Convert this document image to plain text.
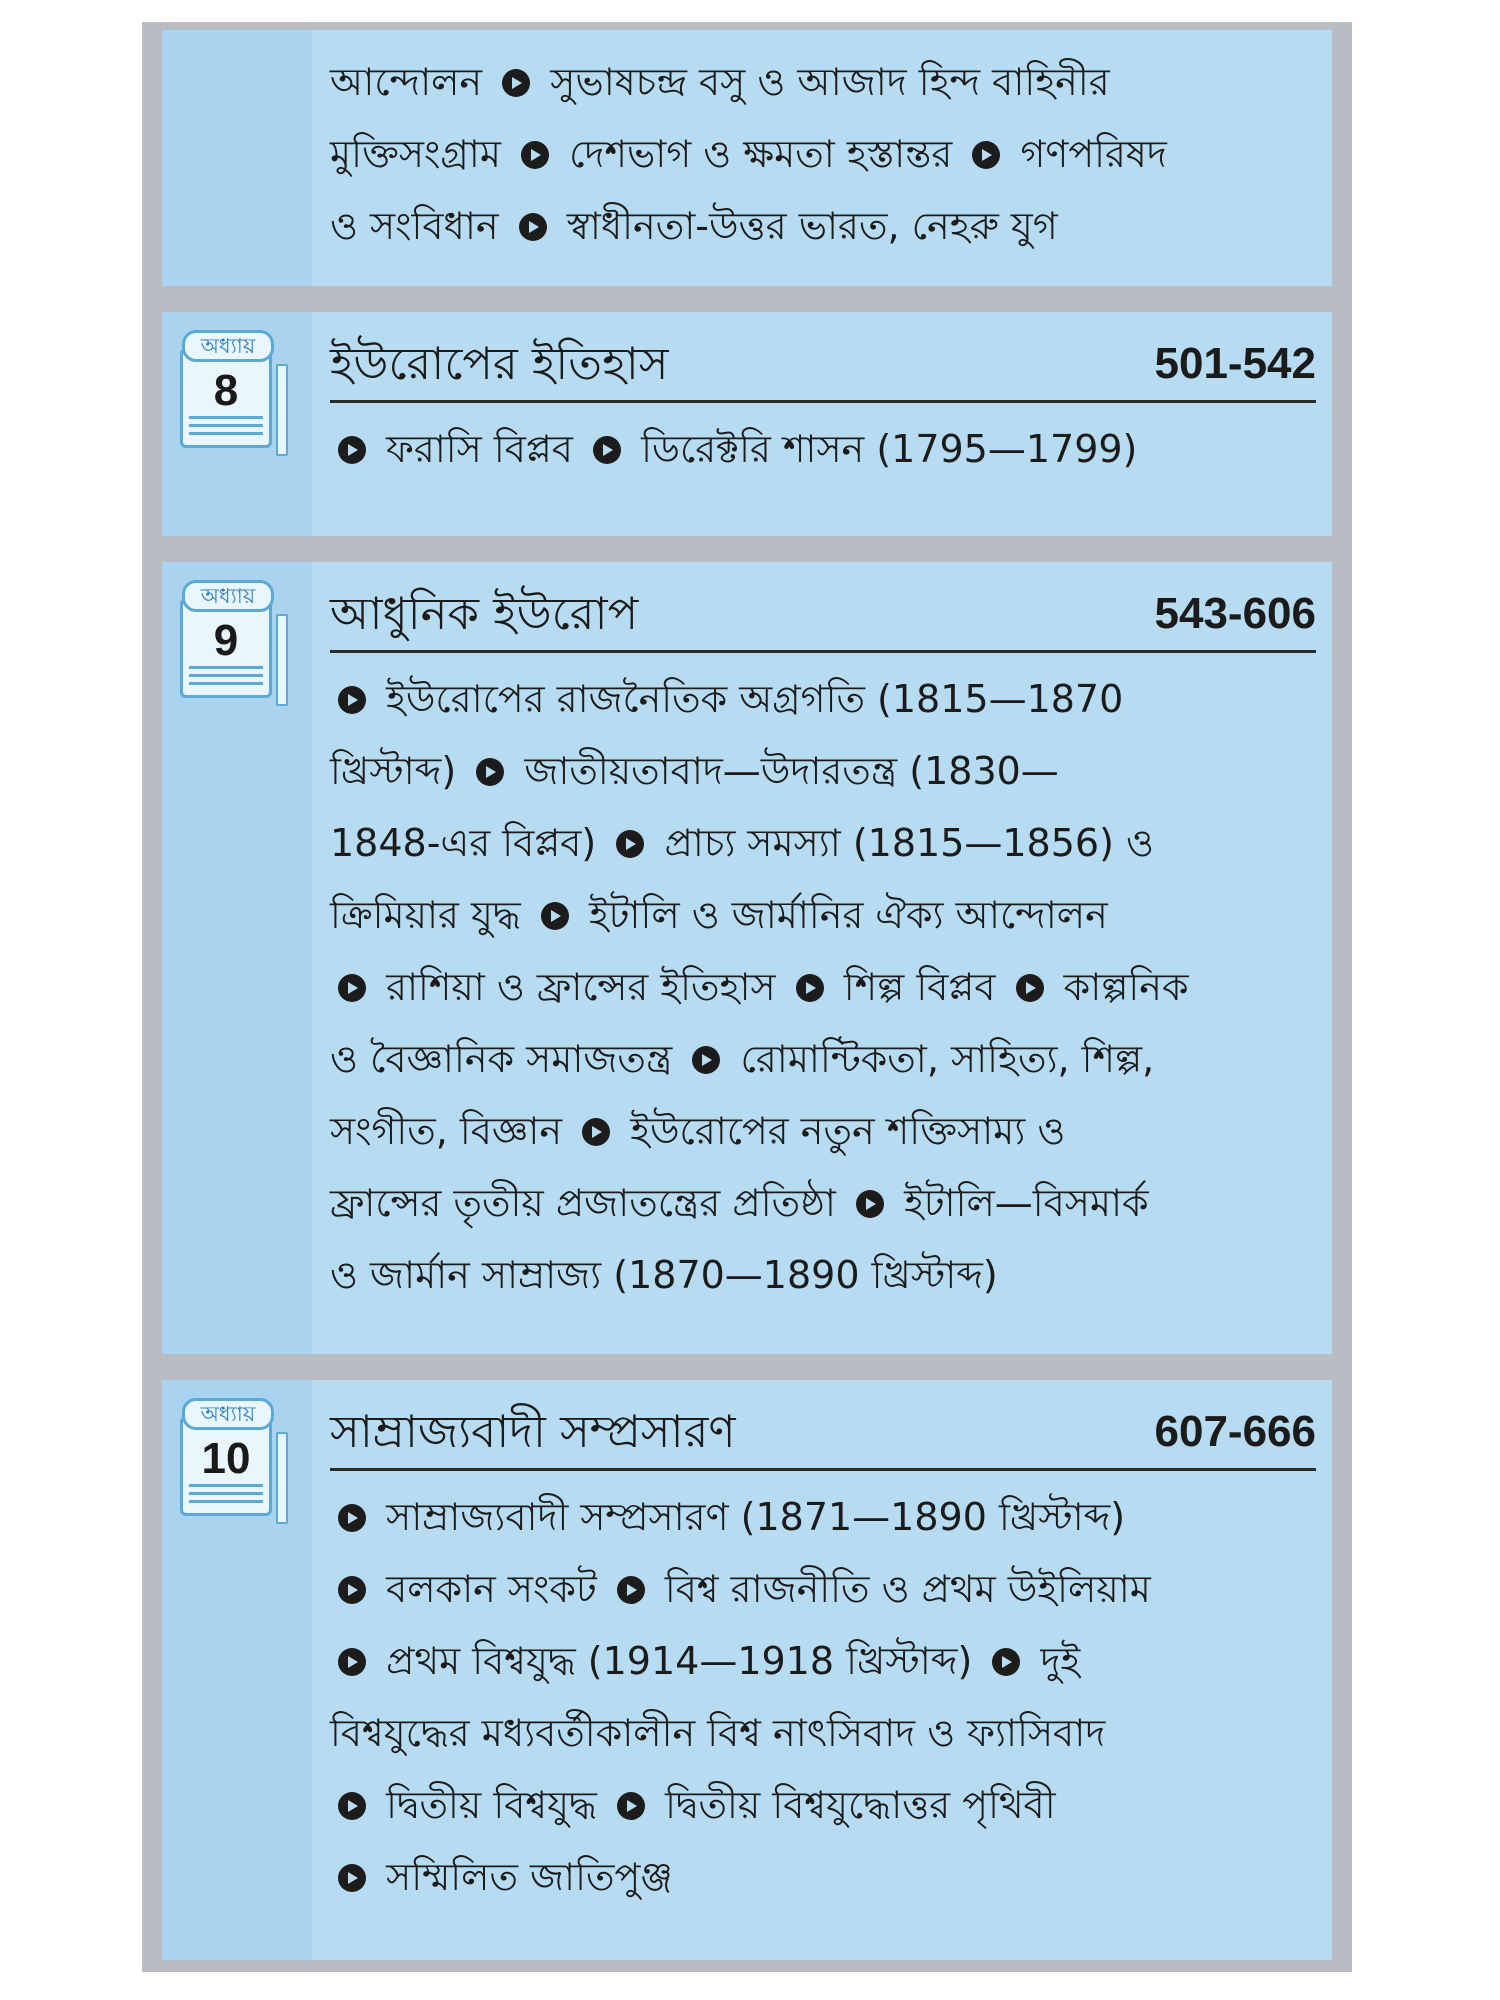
আন্দোলন সুভাষচন্দ্র বসু ও আজাদ হিন্দ বাহিনীর
মুক্তিসংগ্রাম দেশভাগ ও ক্ষমতা হস্তান্তর গণপরিষদ
ও সংবিধান স্বাধীনতা-উত্তর ভারত, নেহরু যুগ
অধ্যায়
8
ইউরোপের ইতিহাস	501-542
ফরাসি বিপ্লব ডিরেক্টরি শাসন (1795—1799)
অধ্যায়
9
আধুনিক ইউরোপ	543-606
ইউরোপের রাজনৈতিক অগ্রগতি (1815—1870
খ্রিস্টাব্দ) জাতীয়তাবাদ—উদারতন্ত্র (1830—
1848-এর বিপ্লব) প্রাচ্য সমস্যা (1815—1856) ও
ক্রিমিয়ার যুদ্ধ ইটালি ও জার্মানির ঐক্য আন্দোলন
রাশিয়া ও ফ্রান্সের ইতিহাস শিল্প বিপ্লব কাল্পনিক
ও বৈজ্ঞানিক সমাজতন্ত্র রোমান্টিকতা, সাহিত্য, শিল্প,
সংগীত, বিজ্ঞান ইউরোপের নতুন শক্তিসাম্য ও
ফ্রান্সের তৃতীয় প্রজাতন্ত্রের প্রতিষ্ঠা ইটালি—বিসমার্ক
ও জার্মান সাম্রাজ্য (1870—1890 খ্রিস্টাব্দ)
অধ্যায়
10
সাম্রাজ্যবাদী সম্প্রসারণ	607-666
সাম্রাজ্যবাদী সম্প্রসারণ (1871—1890 খ্রিস্টাব্দ)
বলকান সংকট বিশ্ব রাজনীতি ও প্রথম উইলিয়াম
প্রথম বিশ্বযুদ্ধ (1914—1918 খ্রিস্টাব্দ) দুই
বিশ্বযুদ্ধের মধ্যবর্তীকালীন বিশ্ব নাৎসিবাদ ও ফ্যাসিবাদ
দ্বিতীয় বিশ্বযুদ্ধ দ্বিতীয় বিশ্বযুদ্ধোত্তর পৃথিবী
সম্মিলিত জাতিপুঞ্জ
